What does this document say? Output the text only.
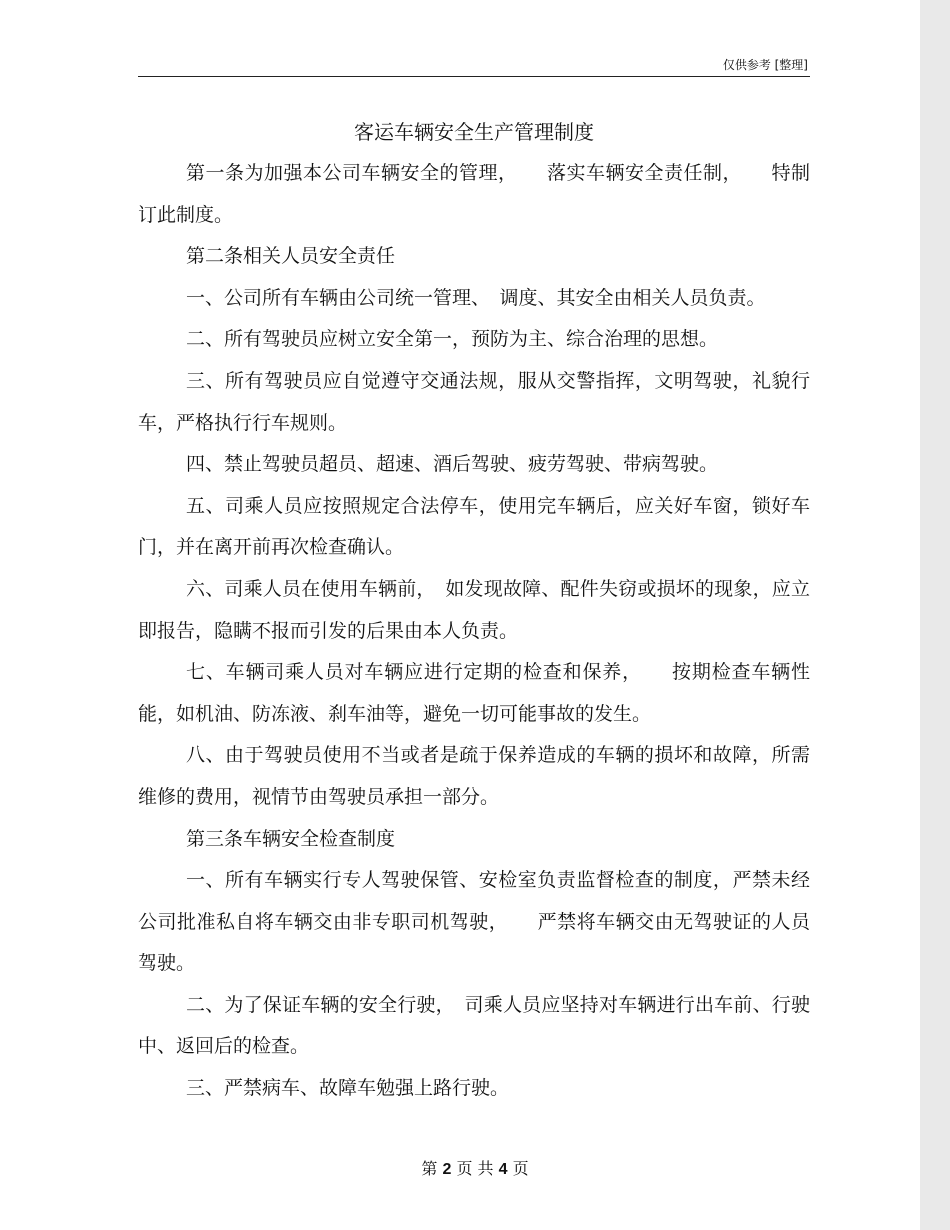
仅供参考 [整理]
客运车辆安全生产管理制度

第一条为加强本公司车辆安全的管理，　　落实车辆安全责任制，　　特制订此制度。

第二条相关人员安全责任

一、公司所有车辆由公司统一管理、　调度、其安全由相关人员负责。

二、所有驾驶员应树立安全第一，预防为主、综合治理的思想。

三、所有驾驶员应自觉遵守交通法规，服从交警指挥，文明驾驶，礼貌行车，严格执行行车规则。

四、禁止驾驶员超员、超速、酒后驾驶、疲劳驾驶、带病驾驶。

五、司乘人员应按照规定合法停车，使用完车辆后，应关好车窗，锁好车门，并在离开前再次检查确认。

六、司乘人员在使用车辆前，　如发现故障、配件失窃或损坏的现象，应立即报告，隐瞒不报而引发的后果由本人负责。

七、车辆司乘人员对车辆应进行定期的检查和保养，　　按期检查车辆性能，如机油、防冻液、刹车油等，避免一切可能事故的发生。

八、由于驾驶员使用不当或者是疏于保养造成的车辆的损坏和故障，所需维修的费用，视情节由驾驶员承担一部分。

第三条车辆安全检查制度

一、所有车辆实行专人驾驶保管、安检室负责监督检查的制度，严禁未经公司批准私自将车辆交由非专职司机驾驶，　　严禁将车辆交由无驾驶证的人员驾驶。

二、为了保证车辆的安全行驶，　司乘人员应坚持对车辆进行出车前、行驶中、返回后的检查。

三、严禁病车、故障车勉强上路行驶。

第 2 页 共 4 页
